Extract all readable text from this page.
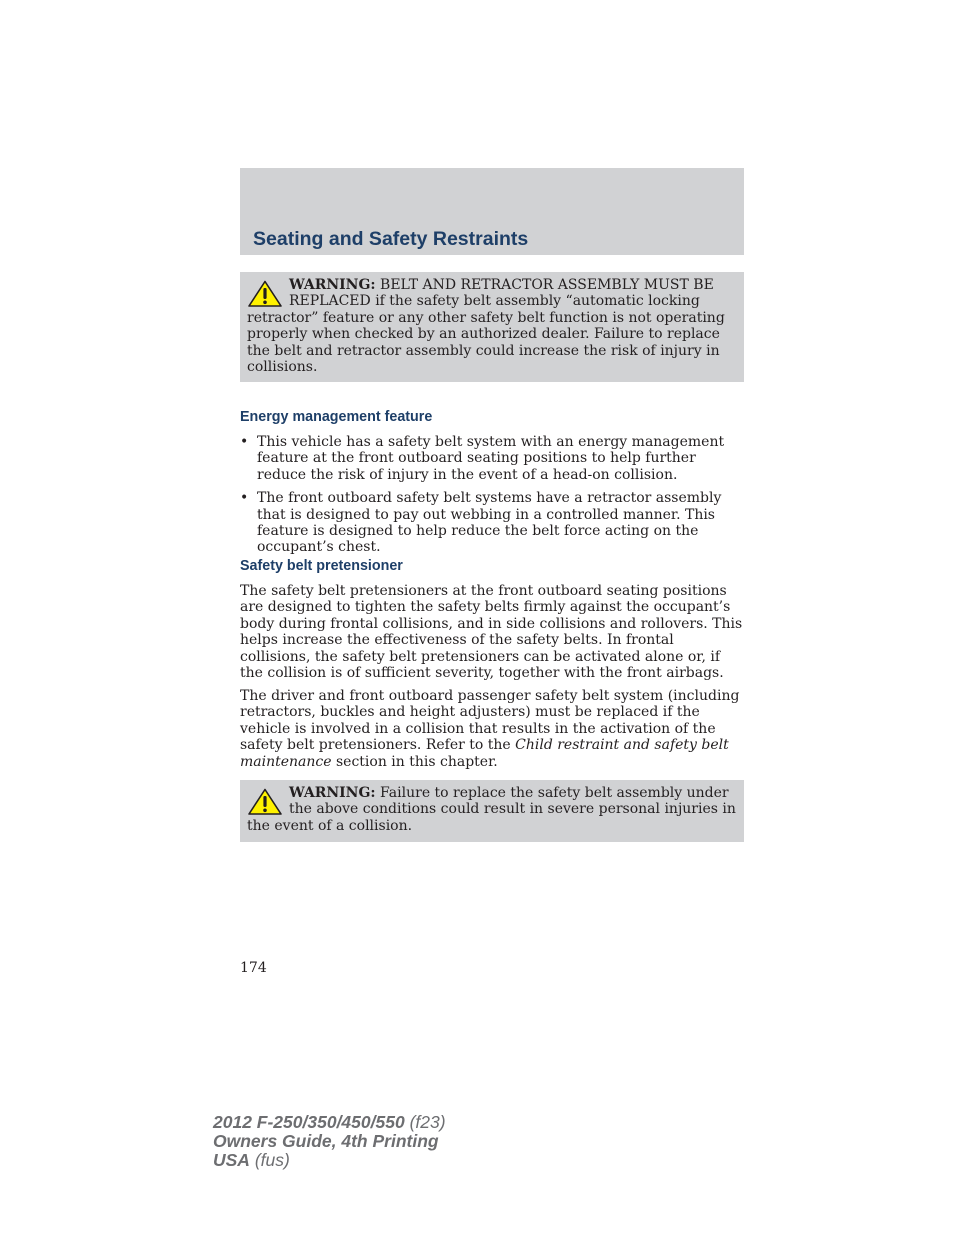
Seating and Safety Restraints
WARNING: BELT AND RETRACTOR ASSEMBLY MUST BE REPLACED if the safety belt assembly “automatic locking retractor” feature or any other safety belt function is not operating properly when checked by an authorized dealer. Failure to replace the belt and retractor assembly could increase the risk of injury in collisions.
Energy management feature
• This vehicle has a safety belt system with an energy management feature at the front outboard seating positions to help further reduce the risk of injury in the event of a head-on collision.
• The front outboard safety belt systems have a retractor assembly that is designed to pay out webbing in a controlled manner. This feature is designed to help reduce the belt force acting on the occupant’s chest.
Safety belt pretensioner

The safety belt pretensioners at the front outboard seating positions are designed to tighten the safety belts firmly against the occupant’s body during frontal collisions, and in side collisions and rollovers. This helps increase the effectiveness of the safety belts. In frontal collisions, the safety belt pretensioners can be activated alone or, if the collision is of sufficient severity, together with the front airbags.

The driver and front outboard passenger safety belt system (including retractors, buckles and height adjusters) must be replaced if the vehicle is involved in a collision that results in the activation of the safety belt pretensioners. Refer to the Child restraint and safety belt maintenance section in this chapter.

WARNING: Failure to replace the safety belt assembly under the above conditions could result in severe personal injuries in the event of a collision.
174
2012 F-250/350/450/550 (f23)
Owners Guide, 4th Printing
USA (fus)
